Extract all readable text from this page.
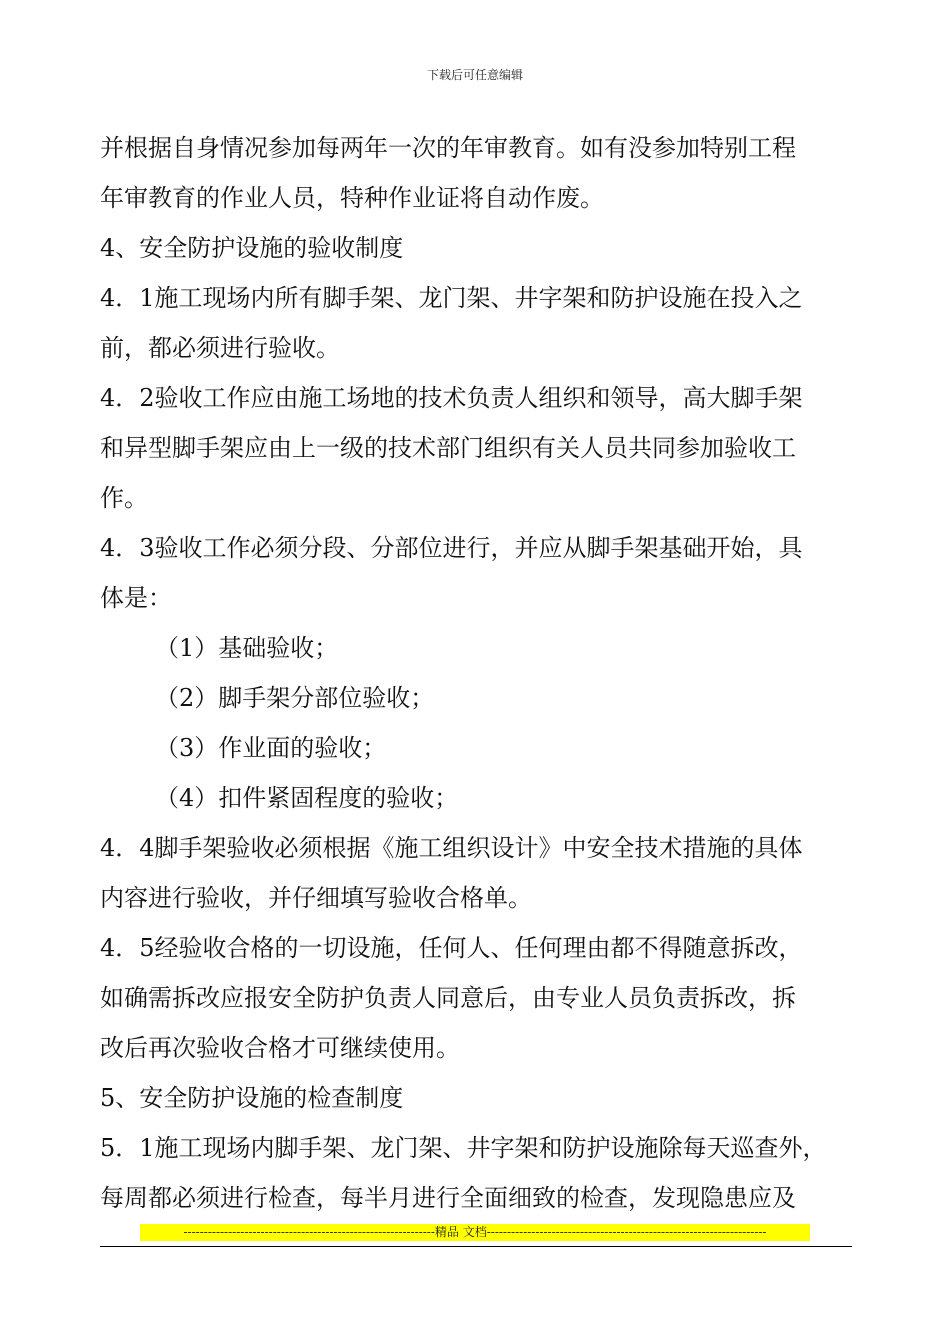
下载后可任意编辑
并根据自身情况参加每两年一次的年审教育。如有没参加特别工程
年审教育的作业人员，特种作业证将自动作废。
4、安全防护设施的验收制度
4．1施工现场内所有脚手架、龙门架、井字架和防护设施在投入之
前，都必须进行验收。
4．2验收工作应由施工场地的技术负责人组织和领导，高大脚手架
和异型脚手架应由上一级的技术部门组织有关人员共同参加验收工
作。
4．3验收工作必须分段、分部位进行，并应从脚手架基础开始，具
体是：
（1）基础验收；
（2）脚手架分部位验收；
（3）作业面的验收；
（4）扣件紧固程度的验收；
4．4脚手架验收必须根据《施工组织设计》中安全技术措施的具体
内容进行验收，并仔细填写验收合格单。
4．5经验收合格的一切设施，任何人、任何理由都不得随意拆改，
如确需拆改应报安全防护负责人同意后，由专业人员负责拆改，拆
改后再次验收合格才可继续使用。
5、安全防护设施的检查制度
5．1施工现场内脚手架、龙门架、井字架和防护设施除每天巡查外，
每周都必须进行检查，每半月进行全面细致的检查，发现隐患应及
--------------------------------------------------------------精品 文档---------------------------------------------------------------------
